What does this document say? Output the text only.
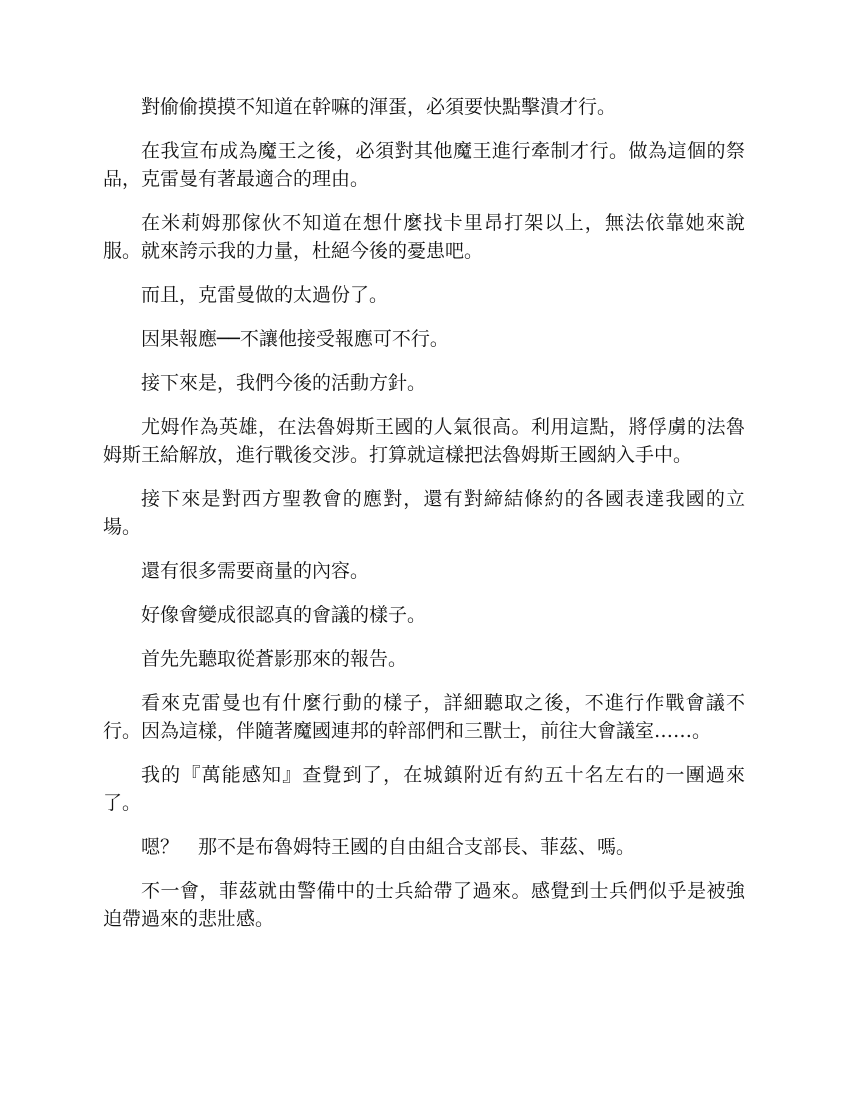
對偷偷摸摸不知道在幹嘛的渾蛋，必須要快點擊潰才行。

在我宣布成為魔王之後，必須對其他魔王進行牽制才行。做為這個的祭品，克雷曼有著最適合的理由。

在米莉姆那傢伙不知道在想什麼找卡里昂打架以上，無法依靠她來說服。就來誇示我的力量，杜絕今後的憂患吧。

而且，克雷曼做的太過份了。

因果報應──不讓他接受報應可不行。

接下來是，我們今後的活動方針。

尤姆作為英雄，在法魯姆斯王國的人氣很高。利用這點，將俘虜的法魯姆斯王給解放，進行戰後交涉。打算就這樣把法魯姆斯王國納入手中。

接下來是對西方聖教會的應對，還有對締結條約的各國表達我國的立場。

還有很多需要商量的內容。

好像會變成很認真的會議的樣子。

首先先聽取從蒼影那來的報告。

看來克雷曼也有什麼行動的樣子，詳細聽取之後，不進行作戰會議不行。因為這樣，伴隨著魔國連邦的幹部們和三獸士，前往大會議室……。

我的『萬能感知』查覺到了，在城鎮附近有約五十名左右的一團過來了。

嗯？　那不是布魯姆特王國的自由組合支部長、菲茲、嗎。

不一會，菲茲就由警備中的士兵給帶了過來。感覺到士兵們似乎是被強迫帶過來的悲壯感。
